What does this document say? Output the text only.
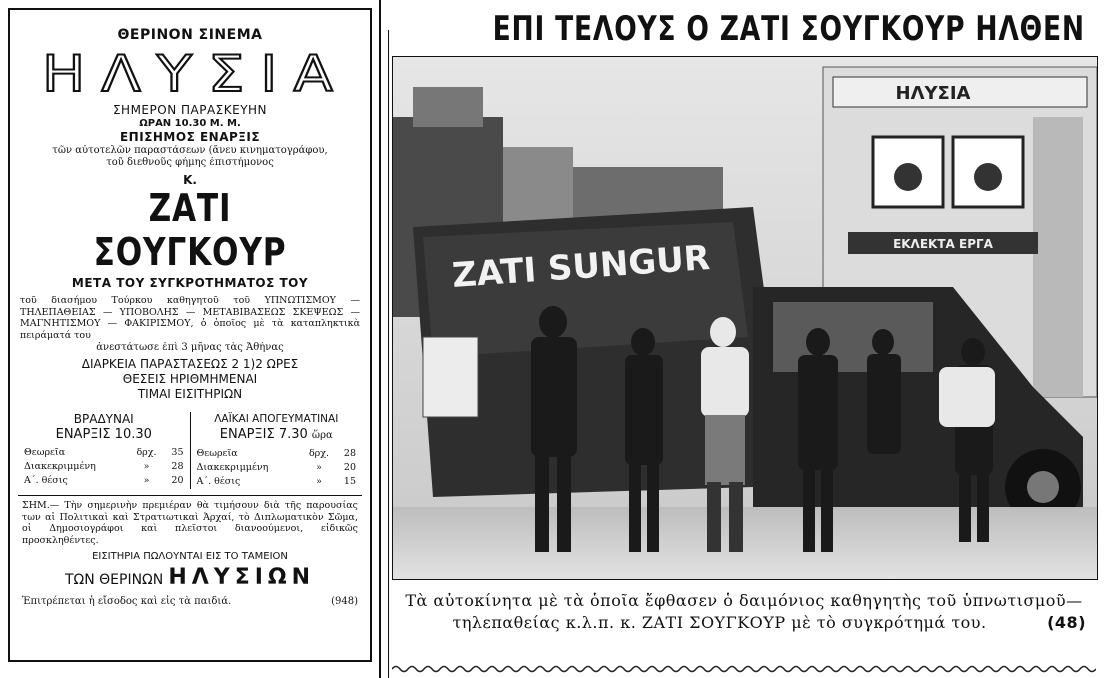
ΘΕΡΙΝΟΝ ΣΙΝΕΜΑ

ΗΛΥΣΙΑ

ΣΗΜΕΡΟΝ ΠΑΡΑΣΚΕΥΗΝ

ΩΡΑΝ 10.30 Μ. Μ.

ΕΠΙΣΗΜΟΣ ΕΝΑΡΞΙΣ

τῶν αὐτοτελῶν παραστάσεων (ἄνευ κινηματογράφου,

τοῦ διεθνοῦς φήμης ἐπιστήμονος

Κ.

ΖΑΤΙ ΣΟΥΓΚΟΥΡ

ΜΕΤΑ ΤΟΥ ΣΥΓΚΡΟΤΗΜΑΤΟΣ ΤΟΥ

τοῦ διασήμου Τούρκου καθηγητοῦ τοῦ ΥΠΝΩΤΙΣΜΟΥ — ΤΗΛΕΠΑΘΕΙΑΣ — ΥΠΟΒΟΛΗΣ — ΜΕΤΑΒΙΒΑΣΕΩΣ ΣΚΕΨΕΩΣ — ΜΑΓΝΗΤΙΣΜΟΥ — ΦΑΚΙΡΙΣΜΟΥ, ὁ ὁποῖος μὲ τὰ καταπληκτικὰ πειράματά του

ἀνεστάτωσε ἐπὶ 3 μῆνας τὰς Ἀθήνας

ΔΙΑΡΚΕΙΑ ΠΑΡΑΣΤΑΣΕΩΣ 2 1)2 ΩΡΕΣ

ΘΕΣΕΙΣ ΗΡΙΘΜΗΜΕΝΑΙ

ΤΙΜΑΙ ΕΙΣΙΤΗΡΙΩΝ

ΒΡΑΔΥΝΑΙ

ΕΝΑΡΞΙΣ 10.30

Θεωρεῖα	δρχ.	35
Διακεκριμμένη	»	28
Α΄. θέσις	»	20

ΛΑΪΚΑΙ ΑΠΟΓΕΥΜΑΤΙΝΑΙ

ΕΝΑΡΞΙΣ 7.30 ὥρα

Θεωρεῖα	δρχ.	28
Διακεκριμμένη	»	20
Α΄. θέσις	»	15

ΣΗΜ.— Τὴν σημερινὴν πρεμιέραν θὰ τιμήσουν διὰ τῆς παρουσίας των αἱ Πολιτικαὶ καὶ Στρατιωτικαὶ Ἀρχαί, τὸ Διπλωματικὸν Σῶμα, οἱ Δημοσιογράφοι καὶ πλεῖστοι διανοούμενοι, εἰδικῶς προσκληθέντες.

ΕΙΣΙΤΗΡΙΑ ΠΩΛΟΥΝΤΑΙ ΕΙΣ ΤΟ ΤΑΜΕΙΟΝ

ΤΩΝ ΘΕΡΙΝΩΝ ΗΛΥΣΙΩΝ

Ἐπιτρέπεται ἡ εἴσοδος καὶ εἰς τὰ παιδιά.	(948)
ΕΠΙ ΤΕΛΟΥΣ Ο ΖΑΤΙ ΣΟΥΓΚΟΥΡ ΗΛΘΕΝ
ΗΛΥΣΙΑ
ΕΚΛΕΚΤΑ ΕΡΓΑ
ZATI SUNGUR
Τὰ αὐτοκίνητα μὲ τὰ ὁποῖα ἔφθασεν ὁ δαιμόνιος καθηγητὴς τοῦ ὑπνωτισμοῦ—τηλεπαθείας κ.λ.π. κ. ΖΑΤΙ ΣΟΥΓΚΟΥΡ μὲ τὸ συγκρότημά του.	(48)
